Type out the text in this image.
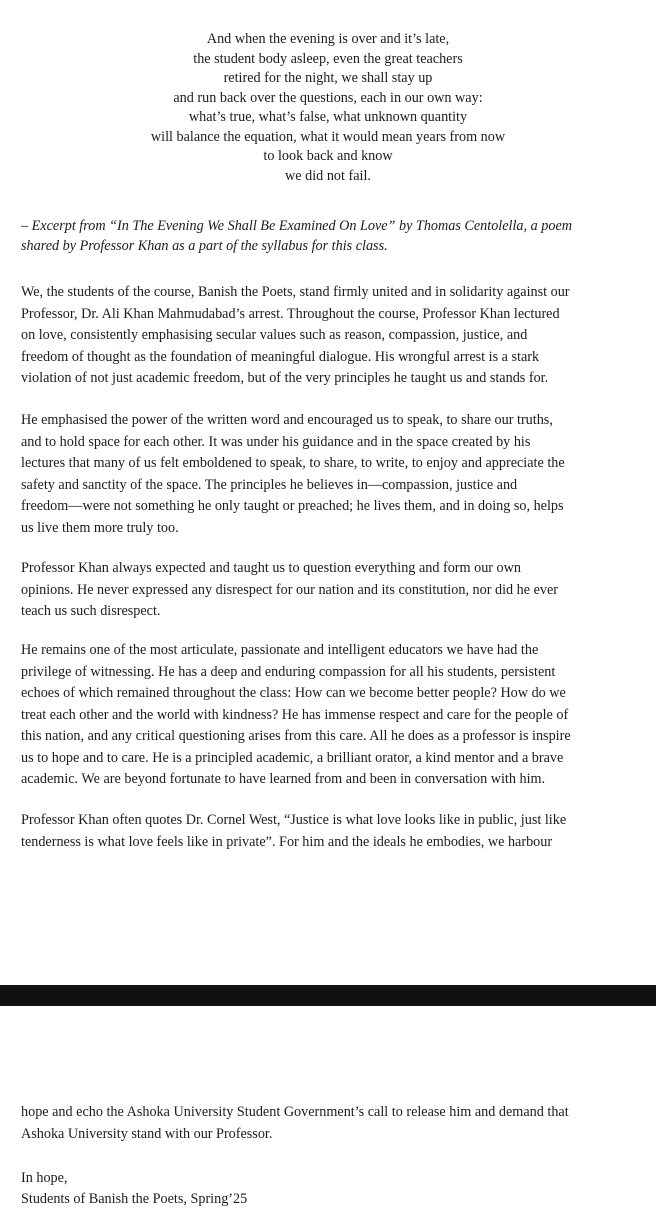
And when the evening is over and it’s late,
the student body asleep, even the great teachers
retired for the night, we shall stay up
and run back over the questions, each in our own way:
what’s true, what’s false, what unknown quantity
will balance the equation, what it would mean years from now
to look back and know
we did not fail.
– Excerpt from “In The Evening We Shall Be Examined On Love” by Thomas Centolella, a poem
shared by Professor Khan as a part of the syllabus for this class.
We, the students of the course, Banish the Poets, stand firmly united and in solidarity against our
Professor, Dr. Ali Khan Mahmudabad’s arrest. Throughout the course, Professor Khan lectured
on love, consistently emphasising secular values such as reason, compassion, justice, and
freedom of thought as the foundation of meaningful dialogue. His wrongful arrest is a stark
violation of not just academic freedom, but of the very principles he taught us and stands for.
He emphasised the power of the written word and encouraged us to speak, to share our truths,
and to hold space for each other. It was under his guidance and in the space created by his
lectures that many of us felt emboldened to speak, to share, to write, to enjoy and appreciate the
safety and sanctity of the space. The principles he believes in—compassion, justice and
freedom—were not something he only taught or preached; he lives them, and in doing so, helps
us live them more truly too.
Professor Khan always expected and taught us to question everything and form our own
opinions. He never expressed any disrespect for our nation and its constitution, nor did he ever
teach us such disrespect.
He remains one of the most articulate, passionate and intelligent educators we have had the
privilege of witnessing. He has a deep and enduring compassion for all his students, persistent
echoes of which remained throughout the class: How can we become better people? How do we
treat each other and the world with kindness? He has immense respect and care for the people of
this nation, and any critical questioning arises from this care. All he does as a professor is inspire
us to hope and to care. He is a principled academic, a brilliant orator, a kind mentor and a brave
academic. We are beyond fortunate to have learned from and been in conversation with him.
Professor Khan often quotes Dr. Cornel West, “Justice is what love looks like in public, just like
tenderness is what love feels like in private”. For him and the ideals he embodies, we harbour
hope and echo the Ashoka University Student Government’s call to release him and demand that
Ashoka University stand with our Professor.
In hope,
Students of Banish the Poets, Spring’25
